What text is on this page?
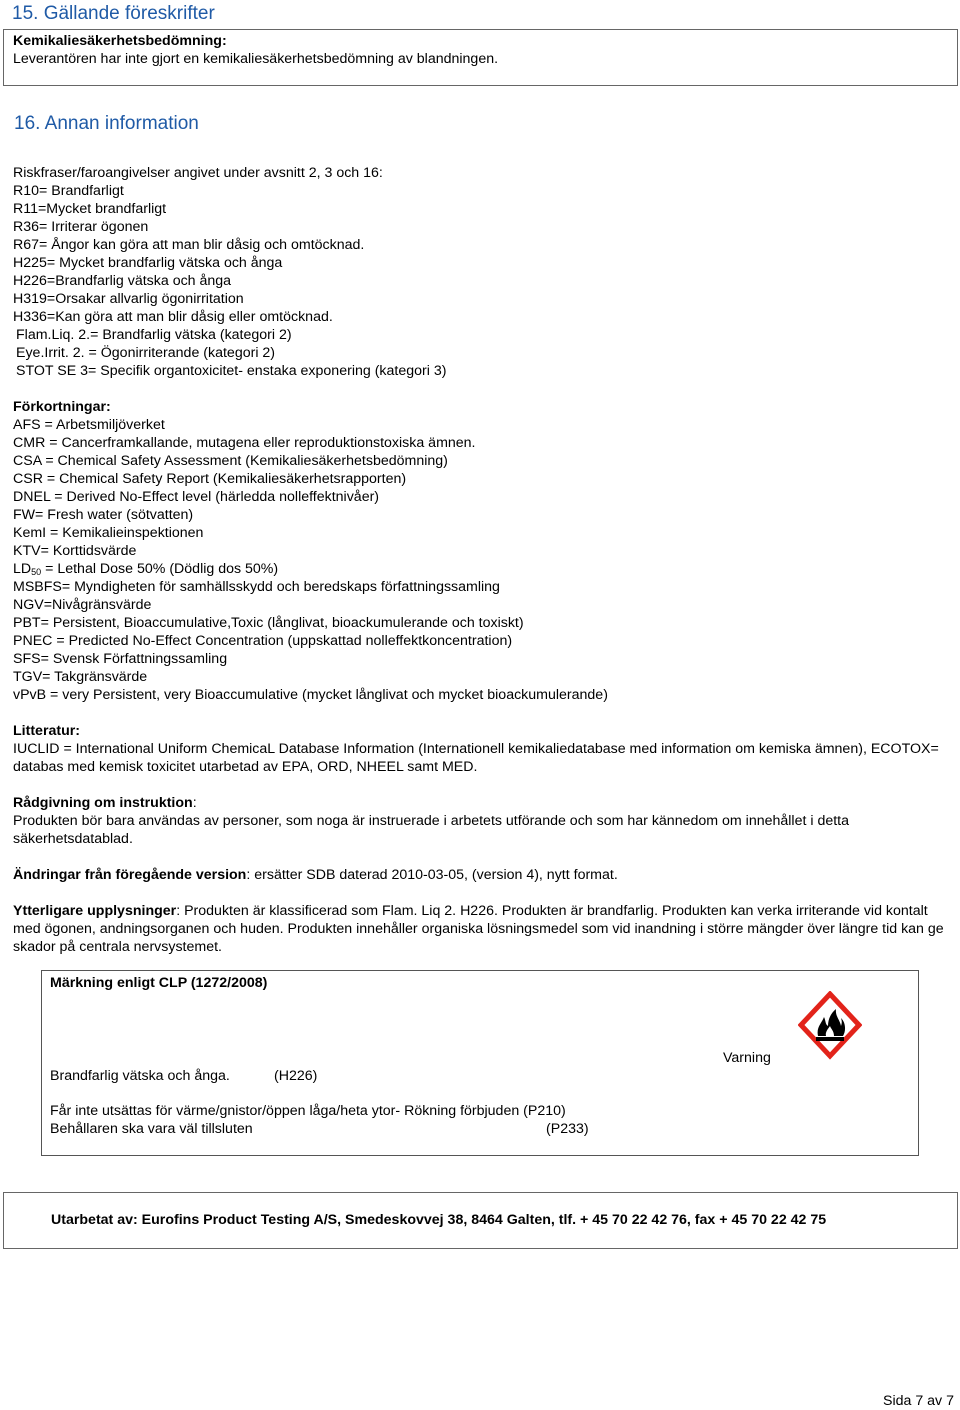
15. Gällande föreskrifter
Kemikaliesäkerhetsbedömning:
Leverantören har inte gjort en kemikaliesäkerhetsbedömning av blandningen.
16. Annan information
Riskfraser/faroangivelser angivet under avsnitt 2, 3 och 16:
R10= Brandfarligt
R11=Mycket brandfarligt
R36= Irriterar ögonen
R67= Ångor kan göra att man blir dåsig och omtöcknad.
H225= Mycket brandfarlig vätska och ånga
H226=Brandfarlig vätska och ånga
H319=Orsakar allvarlig ögonirritation
H336=Kan göra att man blir dåsig eller omtöcknad.
Flam.Liq. 2.= Brandfarlig vätska (kategori 2)
Eye.Irrit. 2. = Ögonirriterande (kategori 2)
STOT SE 3= Specifik organtoxicitet- enstaka exponering (kategori 3)
Förkortningar:
AFS = Arbetsmiljöverket
CMR = Cancerframkallande, mutagena eller reproduktionstoxiska ämnen.
CSA = Chemical Safety Assessment (Kemikaliesäkerhetsbedömning)
CSR = Chemical Safety Report (Kemikaliesäkerhetsrapporten)
DNEL = Derived No-Effect level (härledda nolleffektnivåer)
FW= Fresh water (sötvatten)
KemI = Kemikalieinspektionen
KTV= Korttidsvärde
$LD_{50}$ = Lethal Dose 50% (Dödlig dos 50%)
MSBFS= Myndigheten för samhällsskydd och beredskaps författningssamling
NGV=Nivågränsvärde
PBT= Persistent, Bioaccumulative,Toxic (långlivat, bioackumulerande och toxiskt)
PNEC = Predicted No-Effect Concentration (uppskattad nolleffektkoncentration)
SFS= Svensk Författningssamling
TGV= Takgränsvärde
vPvB = very Persistent, very Bioaccumulative (mycket långlivat och mycket bioackumulerande)
Litteratur:
IUCLID = International Uniform ChemicaL Database Information (Internationell kemikaliedatabase med information om kemiska ämnen), ECOTOX= databas med kemisk toxicitet utarbetad av EPA, ORD, NHEEL samt MED.
Rådgivning om instruktion:
Produkten bör bara användas av personer, som noga är instruerade i arbetets utförande och som har kännedom om innehållet i detta säkerhetsdatablad.
Ändringar från föregående version: ersätter SDB daterad 2010-03-05, (version 4), nytt format.
Ytterligare upplysninger: Produkten är klassificerad som Flam. Liq 2. H226. Produkten är brandfarlig. Produkten kan verka irriterande vid kontalt med ögonen, andningsorganen och huden. Produkten innehåller organiska lösningsmedel som vid inandning i större mängder över längre tid kan ge skador på centrala nervsystemet.
Märkning enligt CLP (1272/2008)
Varning
Brandfarlig vätska och ånga.	(H226)
Får inte utsättas för värme/gnistor/öppen låga/heta ytor- Rökning förbjuden (P210)
Behållaren ska vara väl tillsluten	(P233)
Utarbetat av: Eurofins Product Testing A/S, Smedeskovvej 38, 8464 Galten, tlf. + 45 70 22 42 76, fax + 45 70 22 42 75
Sida 7 av 7
